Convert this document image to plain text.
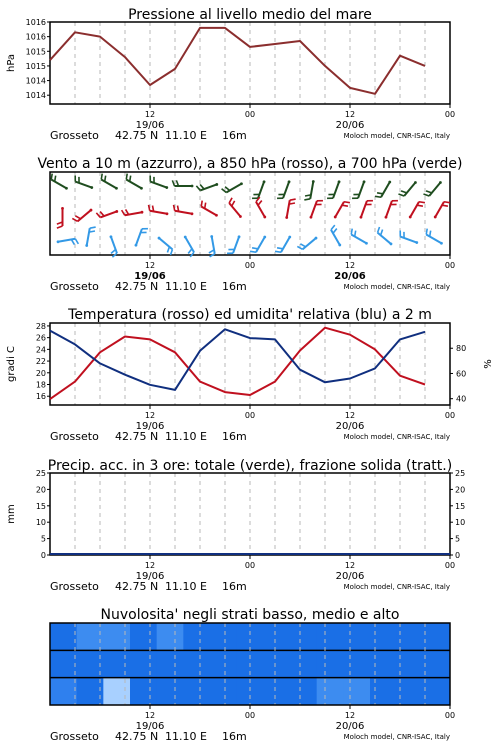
Pressione al livello medio del mare
12	00	12	00
19/06	20/06
Grosseto 42.75 N 11.10 E 16m	Moloch model, CNR-ISAC, Italy
1014
1014
1015
1015
1016
1016
hPa
Vento a 10 m (azzurro), a 850 hPa (rosso), a 700 hPa (verde)
12	00	12	00
19/06	20/06
Grosseto 42.75 N 11.10 E 16m	Moloch model, CNR-ISAC, Italy
Temperatura (rosso) ed umidita' relativa (blu) a 2 m
12	00	12	00
19/06	20/06
Grosseto 42.75 N 11.10 E 16m	Moloch model, CNR-ISAC, Italy
16
18
20
22
24
26
28
40
60
80
gradi C	%
Precip. acc. in 3 ore: totale (verde), frazione solida (tratt.)
12	00	12	00
19/06	20/06
Grosseto 42.75 N 11.10 E 16m	Moloch model, CNR-ISAC, Italy
0	0
5	5
10	10
15	15
20	20
25	25
mm
Nuvolosita' negli strati basso, medio e alto
12	00	12	00
19/06	20/06
Grosseto 42.75 N 11.10 E 16m	Moloch model, CNR-ISAC, Italy
